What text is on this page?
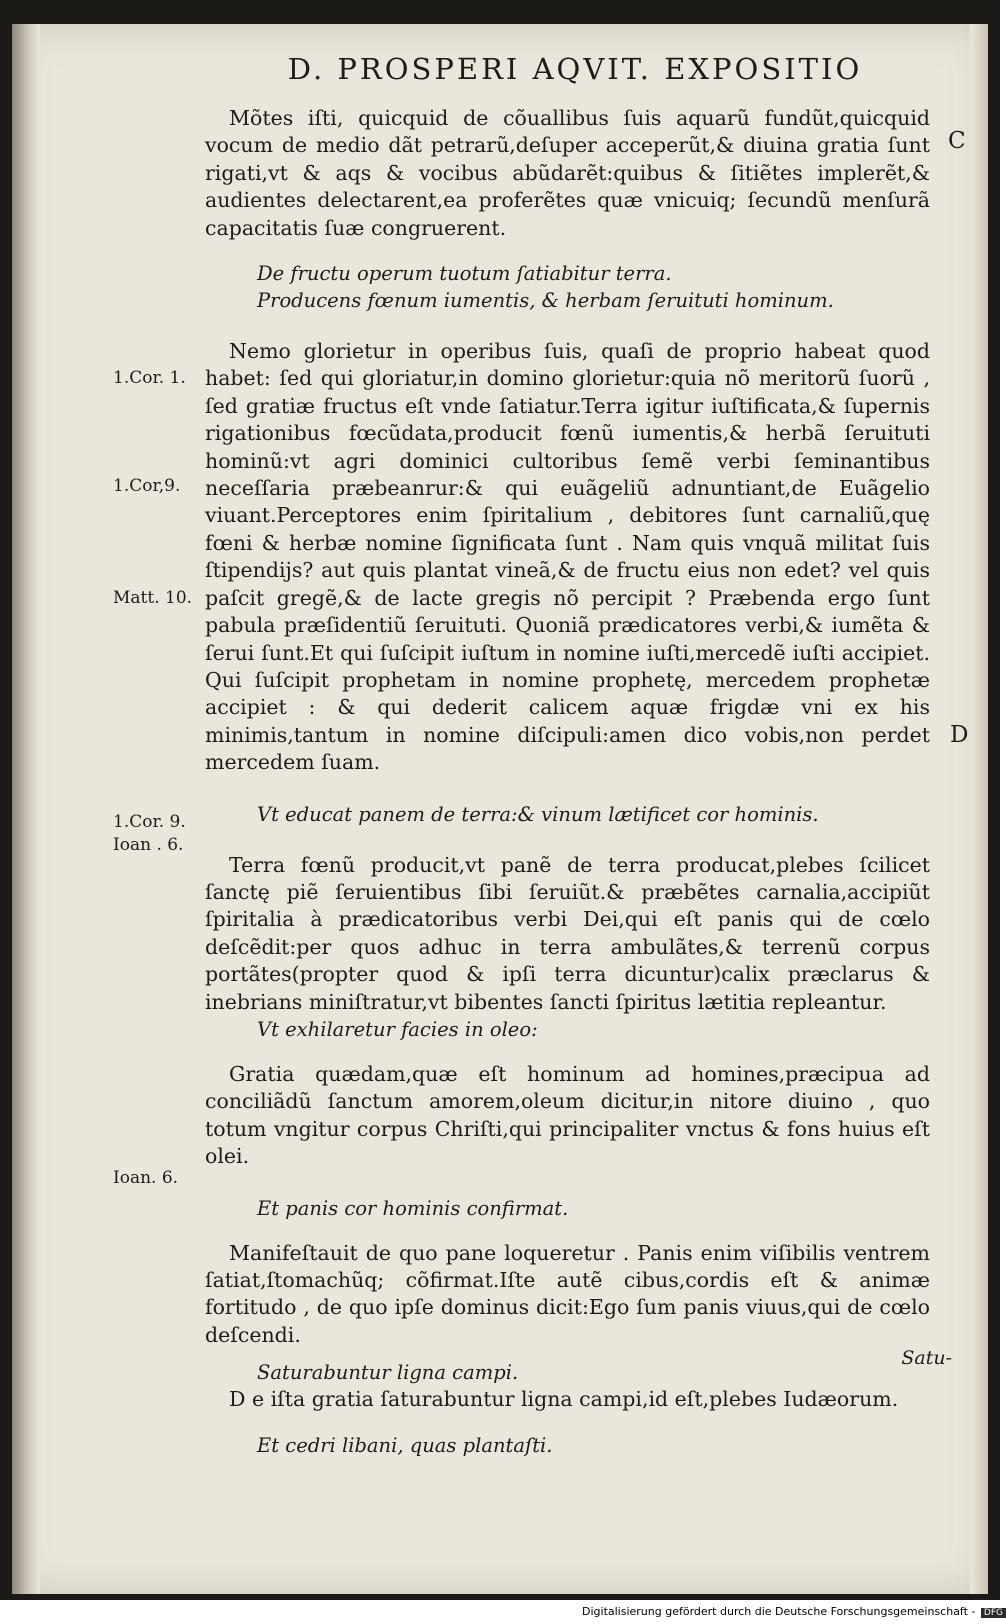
D. PROSPERI AQVIT. EXPOSITIO
C
D

Mõtes iſti, quicquid de cõuallibus ſuis aquarũ fundũt,quicquid vocum de medio dãt petrarũ,deſuper acceperũt,& diuina gratia ſunt rigati,vt & aqs & vocibus abũdarẽt:quibus & ſitiẽtes implerẽt,& audientes delectarent,ea proferẽtes quæ vnicuiq; ſecundũ menſurã capacitatis ſuæ congruerent.

De fructu operum tuotum ſatiabitur terra.
Producens fœnum iumentis, & herbam ſeruituti hominum.

Nemo glorietur in operibus ſuis, quaſi de proprio habeat quod habet: ſed qui gloriatur,in domino glorietur:quia nõ meritorũ ſuorũ , ſed gratiæ fructus eſt vnde ſatiatur.Terra igitur iuſtificata,& ſupernis rigationibus fœcũdata,producit fœnũ iumentis,& herbã ſeruituti hominũ:vt agri dominici cultoribus ſemẽ verbi ſeminantibus neceſſaria præbeanrur:& qui euãgeliũ adnuntiant,de Euãgelio viuant.Perceptores enim ſpiritalium , debitores ſunt carnaliũ,quę fœni & herbæ nomine ſignificata ſunt . Nam quis vnquã militat ſuis ſtipendijs? aut quis plantat vineã,& de fructu eius non edet? vel quis paſcit gregẽ,& de lacte gregis nõ percipit ? Præbenda ergo ſunt pabula præſidentiũ ſeruituti. Quoniã prædicatores verbi,& iumẽta & ſerui ſunt.Et qui ſuſcipit iuſtum in nomine iuſti,mercedẽ iuſti accipiet. Qui ſuſcipit prophetam in nomine prophetę, mercedem prophetæ accipiet : & qui dederit calicem aquæ frigdæ vni ex his minimis,tantum in nomine diſcipuli:amen dico vobis,non perdet mercedem ſuam.

Vt educat panem de terra:& vinum lætificet cor hominis.

Terra fœnũ producit,vt panẽ de terra producat,plebes ſcilicet ſanctę piẽ ſeruientibus ſibi ſeruiũt.& præbẽtes carnalia,accipiũt ſpiritalia à prædicatoribus verbi Dei,qui eſt panis qui de cœlo deſcẽdit:per quos adhuc in terra ambulãtes,& terrenũ corpus portãtes(propter quod & ipſi terra dicuntur)calix præclarus & inebrians miniſtratur,vt bibentes ſancti ſpiritus lætitia repleantur.

Vt exhilaretur facies in oleo:

Gratia quædam,quæ eſt hominum ad homines,præcipua ad conciliãdũ ſanctum amorem,oleum dicitur,in nitore diuino , quo totum vngitur corpus Chriſti,qui principaliter vnctus & fons huius eſt olei.

Et panis cor hominis confirmat.

Manifeſtauit de quo pane loqueretur . Panis enim viſibilis ventrem ſatiat,ſtomachũq; cõfirmat.Iſte autẽ cibus,cordis eſt & animæ fortitudo , de quo ipſe dominus dicit:Ego ſum panis viuus,qui de cœlo deſcendi.

Saturabuntur ligna campi.

D e iſta gratia ſaturabuntur ligna campi,id eſt,plebes Iudæorum.

Et cedri libani, quas plantaſti.
1.Cor. 1.
1.Cor,9.
Matt. 10.
1.Cor. 9.
Ioan . 6.
Ioan. 6.
Satu-
Digitalisierung gefördert durch die Deutsche Forschungsgemeinschaft - DFG
